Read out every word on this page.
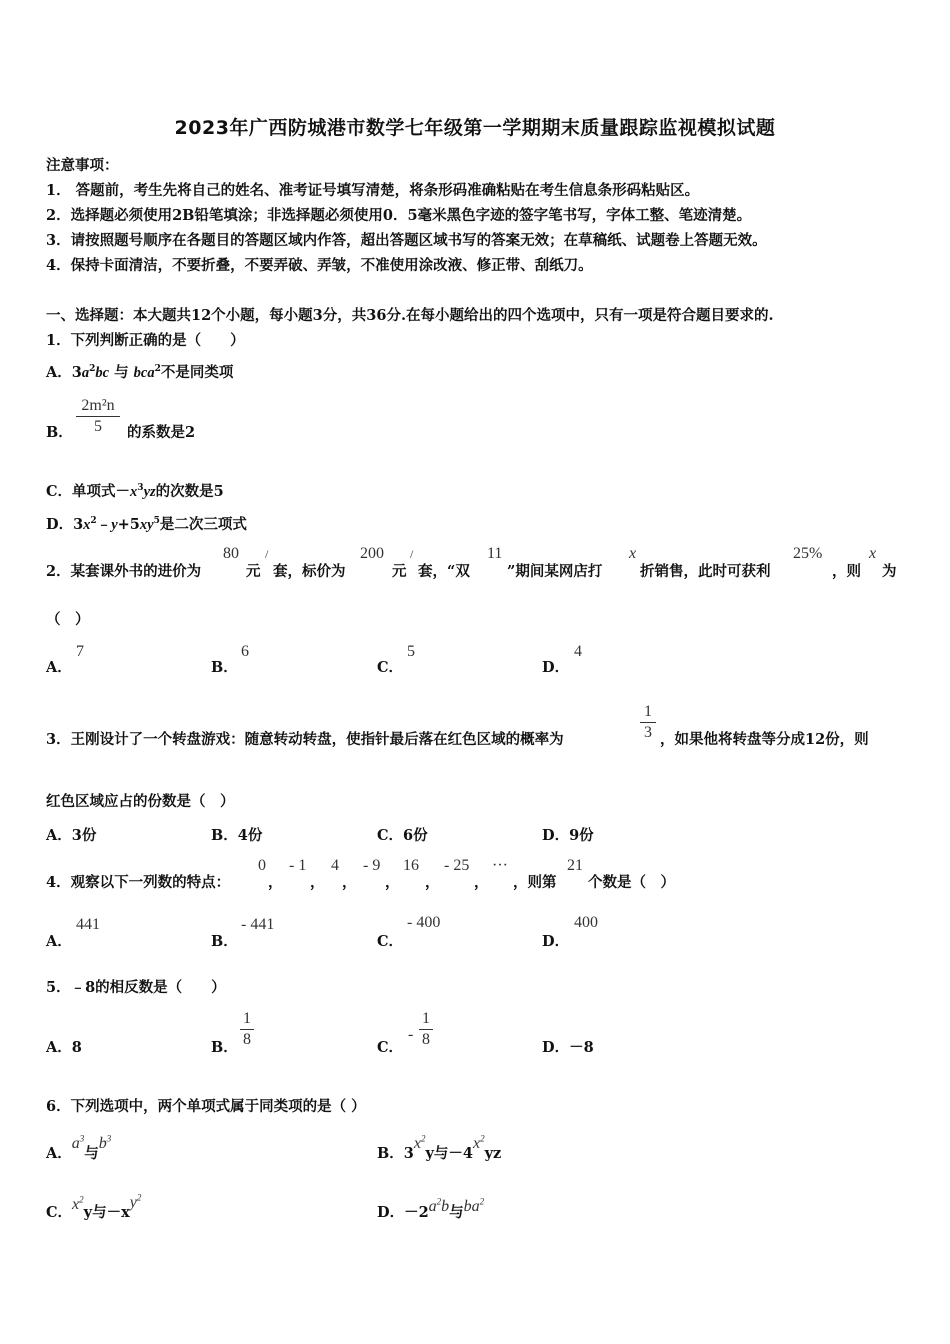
2023年广西防城港市数学七年级第一学期期末质量跟踪监视模拟试题
注意事项：
1． 答题前，考生先将自己的姓名、准考证号填写清楚，将条形码准确粘贴在考生信息条形码粘贴区。
2．选择题必须使用2B铅笔填涂；非选择题必须使用0．5毫米黑色字迹的签字笔书写，字体工整、笔迹清楚。
3．请按照题号顺序在各题目的答题区域内作答，超出答题区域书写的答案无效；在草稿纸、试题卷上答题无效。
4．保持卡面清洁，不要折叠，不要弄破、弄皱，不准使用涂改液、修正带、刮纸刀。
一、选择题：本大题共12个小题，每小题3分，共36分.在每小题给出的四个选项中，只有一项是符合题目要求的.
1．下列判断正确的是（　　）
A．$3a^2bc$ 与 bca$^2$不是同类项
B．
2m²n
5	的系数是2
C．单项式$-x^3yz$的次数是5
D．$3x^2﹣y+5xy^5$是二次三项式
2．某套课外书的进价为
80
元
/
套，标价为
200
元
/
套，“双
11
”期间某网店打
x
折销售，此时可获利
25%
，则
x
为
（　）
A．
7
B．
6
C．
5
D．
4
3．王刚设计了一个转盘游戏：随意转动转盘，使指针最后落在红色区域的概率为
1
3 ，如果他将转盘等分成12份，则
红色区域应占的份数是（　）
A．3份	B．4份	C．6份	D．9份
4．观察以下一列数的特点：
0
，
- 1
，
4
，
- 9
，
16
，
- 25
，
···
，则第
21
个数是（　）
A．
441
B．
- 441
C．
- 400
D．
400
5．﹣8的相反数是（　　）
A．8	B．
1
8	C．
-
1
8	D．－8
6．下列选项中，两个单项式属于同类项的是（ ）
A．$a^3$与$b^3$
B．$3x^2y$与$-4x^2yz$
C．$x^2y$与$-xy^2$
D．$-2a^2b$与$ba^2$
